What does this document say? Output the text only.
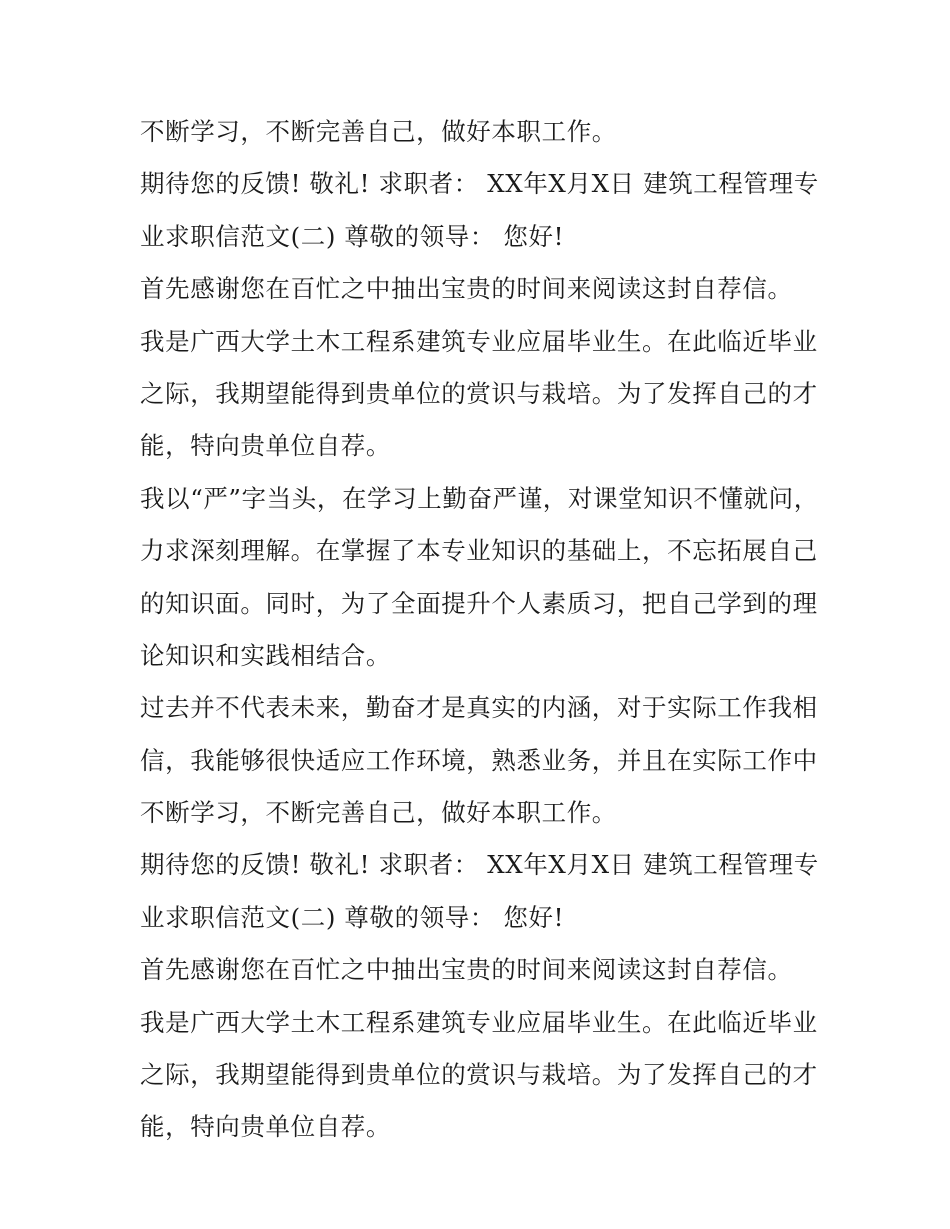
不断学习，不断完善自己，做好本职工作。
期待您的反馈! 敬礼! 求职者： XX年X月X日 建筑工程管理专
业求职信范文(二) 尊敬的领导： 您好!
首先感谢您在百忙之中抽出宝贵的时间来阅读这封自荐信。
我是广西大学土木工程系建筑专业应届毕业生。在此临近毕业
之际，我期望能得到贵单位的赏识与栽培。为了发挥自己的才
能，特向贵单位自荐。
我以“严”字当头，在学习上勤奋严谨，对课堂知识不懂就问，
力求深刻理解。在掌握了本专业知识的基础上，不忘拓展自己
的知识面。同时，为了全面提升个人素质习，把自己学到的理
论知识和实践相结合。
过去并不代表未来，勤奋才是真实的内涵，对于实际工作我相
信，我能够很快适应工作环境，熟悉业务，并且在实际工作中
不断学习，不断完善自己，做好本职工作。
期待您的反馈! 敬礼! 求职者： XX年X月X日 建筑工程管理专
业求职信范文(二) 尊敬的领导： 您好!
首先感谢您在百忙之中抽出宝贵的时间来阅读这封自荐信。
我是广西大学土木工程系建筑专业应届毕业生。在此临近毕业
之际，我期望能得到贵单位的赏识与栽培。为了发挥自己的才
能，特向贵单位自荐。
